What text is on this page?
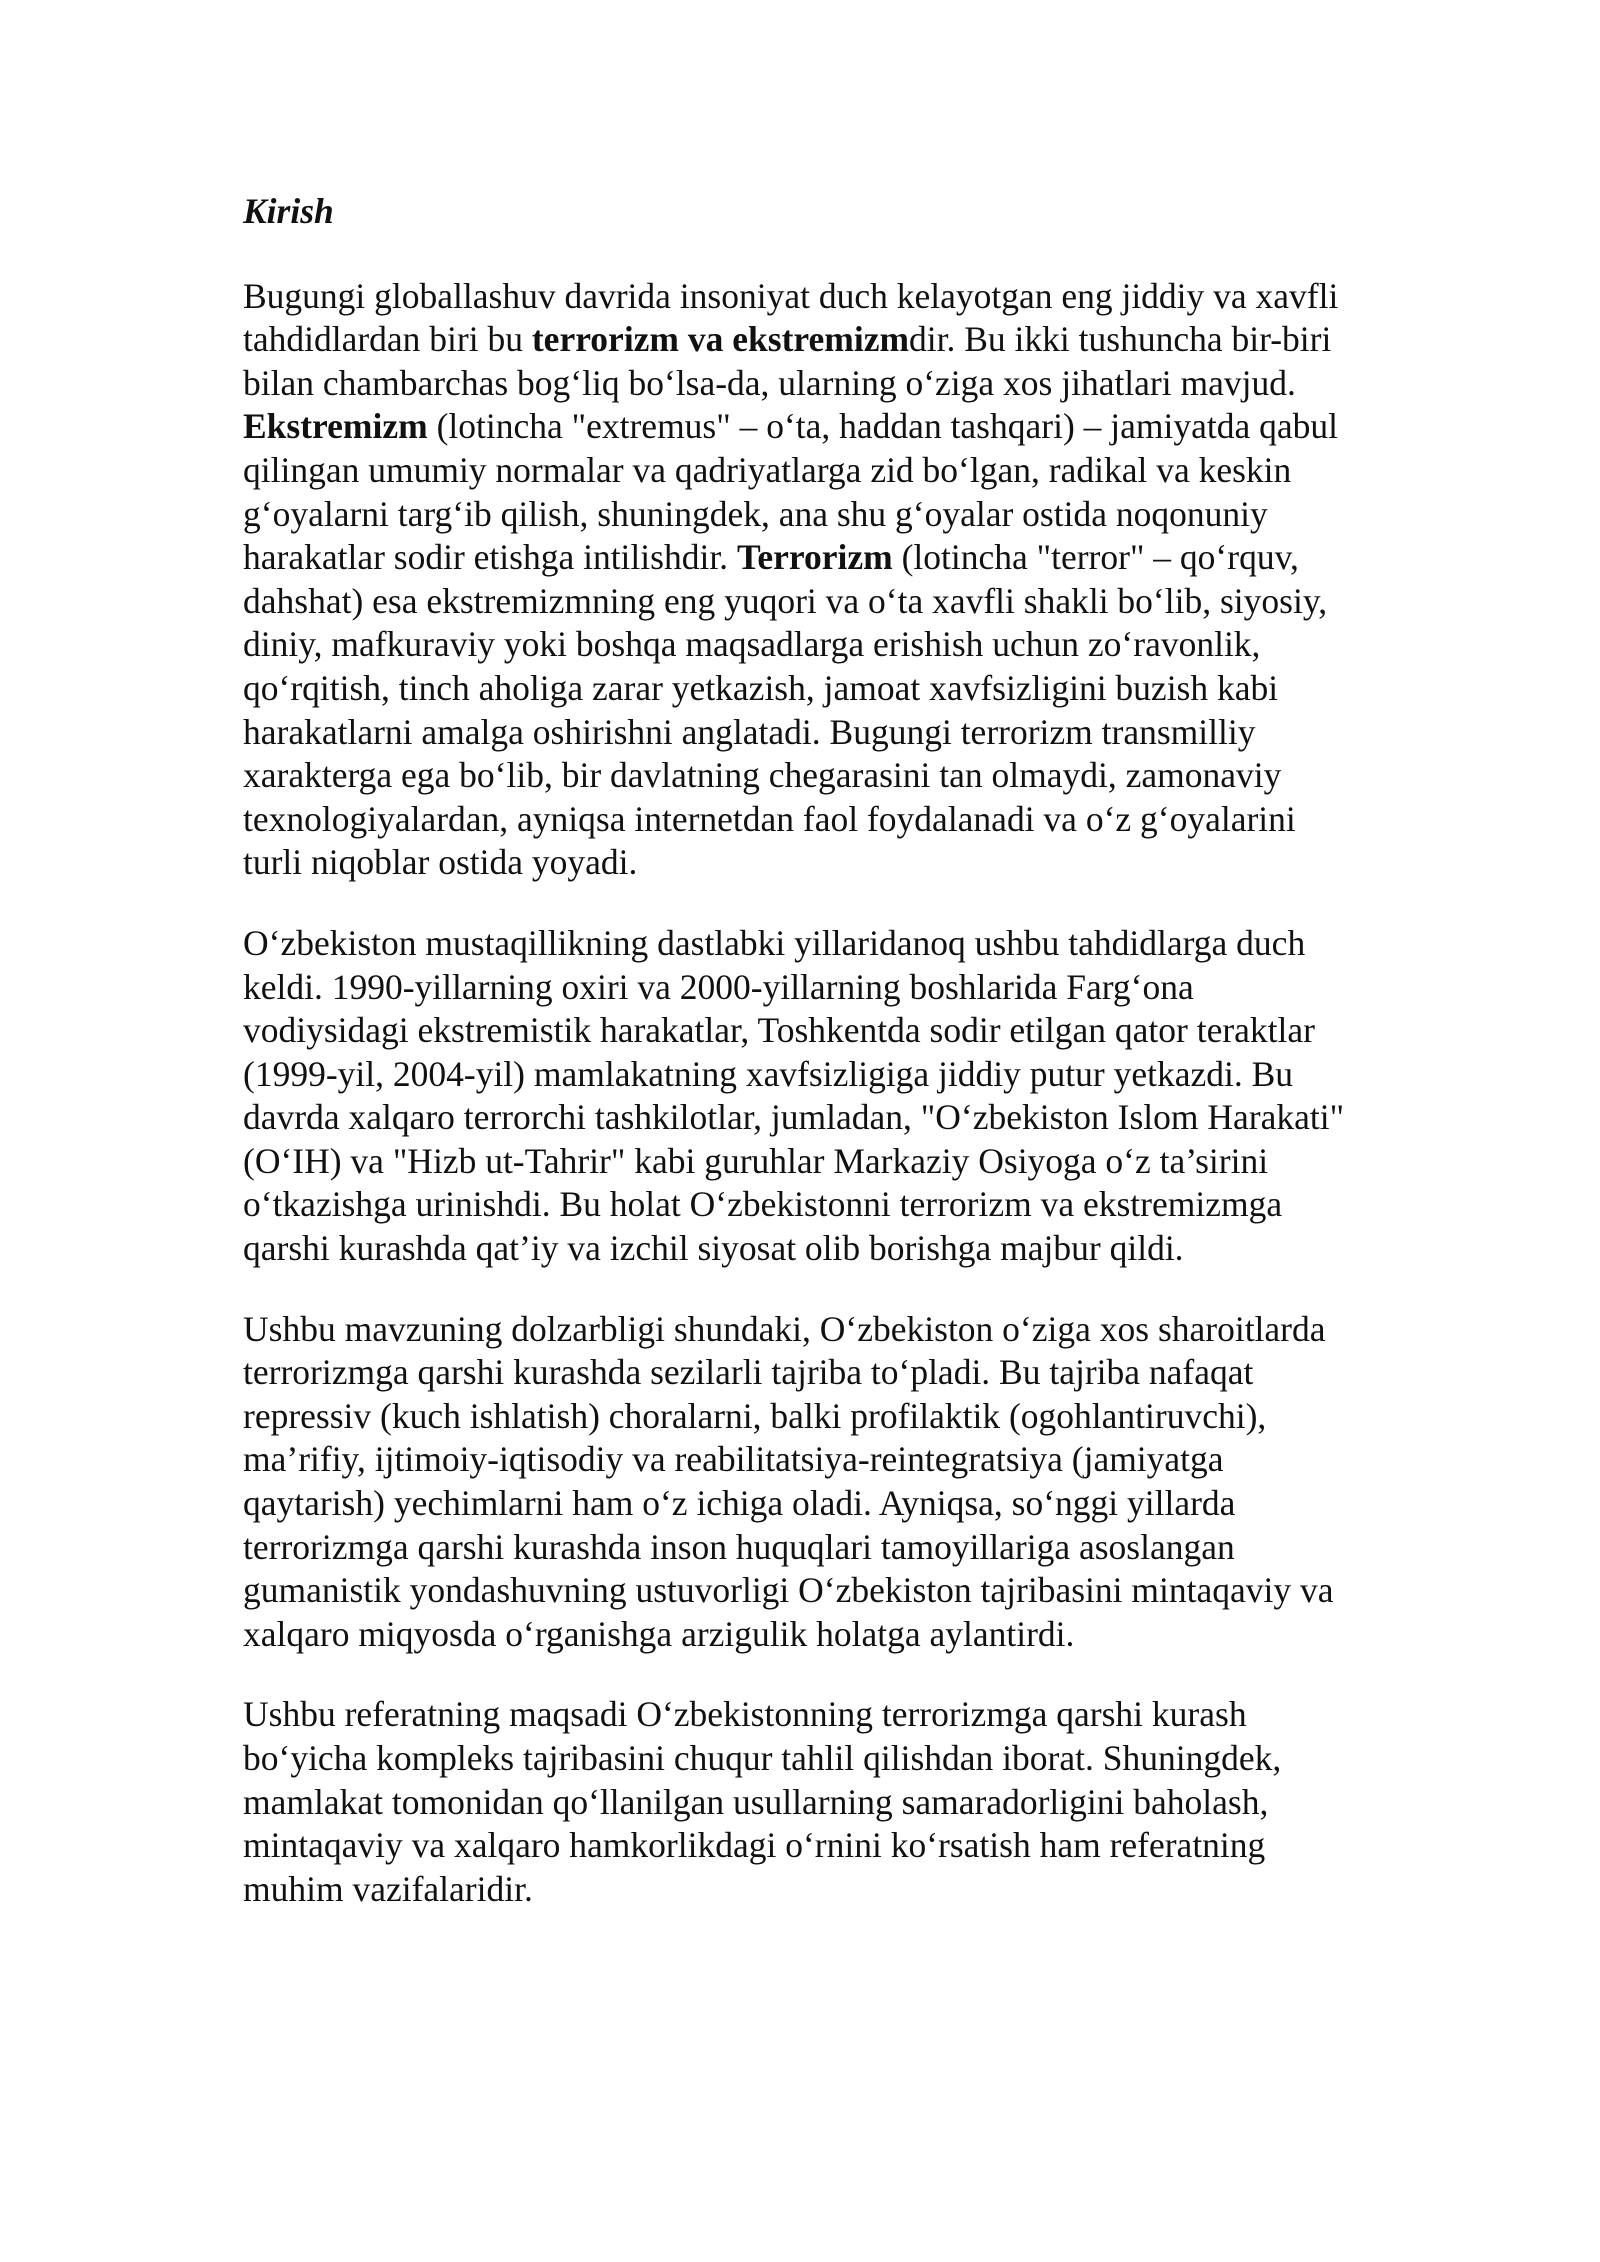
Kirish

Bugungi globallashuv davrida insoniyat duch kelayotgan eng jiddiy va xavfli tahdidlardan biri bu terrorizm va ekstremizmdir. Bu ikki tushuncha bir-biri bilan chambarchas bog‘liq bo‘lsa-da, ularning o‘ziga xos jihatlari mavjud. Ekstremizm (lotincha "extremus" – o‘ta, haddan tashqari) – jamiyatda qabul qilingan umumiy normalar va qadriyatlarga zid bo‘lgan, radikal va keskin g‘oyalarni targ‘ib qilish, shuningdek, ana shu g‘oyalar ostida noqonuniy harakatlar sodir etishga intilishdir. Terrorizm (lotincha "terror" – qo‘rquv, dahshat) esa ekstremizmning eng yuqori va o‘ta xavfli shakli bo‘lib, siyosiy, diniy, mafkuraviy yoki boshqa maqsadlarga erishish uchun zo‘ravonlik, qo‘rqitish, tinch aholiga zarar yetkazish, jamoat xavfsizligini buzish kabi harakatlarni amalga oshirishni anglatadi. Bugungi terrorizm transmilliy xarakterga ega bo‘lib, bir davlatning chegarasini tan olmaydi, zamonaviy texnologiyalardan, ayniqsa internetdan faol foydalanadi va o‘z g‘oyalarini turli niqoblar ostida yoyadi.

O‘zbekiston mustaqillikning dastlabki yillaridanoq ushbu tahdidlarga duch keldi. 1990-yillarning oxiri va 2000-yillarning boshlarida Farg‘ona vodiysidagi ekstremistik harakatlar, Toshkentda sodir etilgan qator teraktlar (1999-yil, 2004-yil) mamlakatning xavfsizligiga jiddiy putur yetkazdi. Bu davrda xalqaro terrorchi tashkilotlar, jumladan, "O‘zbekiston Islom Harakati" (O‘IH) va "Hizb ut-Tahrir" kabi guruhlar Markaziy Osiyoga o‘z ta’sirini o‘tkazishga urinishdi. Bu holat O‘zbekistonni terrorizm va ekstremizmga qarshi kurashda qat’iy va izchil siyosat olib borishga majbur qildi.

Ushbu mavzuning dolzarbligi shundaki, O‘zbekiston o‘ziga xos sharoitlarda terrorizmga qarshi kurashda sezilarli tajriba to‘pladi. Bu tajriba nafaqat repressiv (kuch ishlatish) choralarni, balki profilaktik (ogohlantiruvchi), ma’rifiy, ijtimoiy-iqtisodiy va reabilitatsiya-reintegratsiya (jamiyatga qaytarish) yechimlarni ham o‘z ichiga oladi. Ayniqsa, so‘nggi yillarda terrorizmga qarshi kurashda inson huquqlari tamoyillariga asoslangan gumanistik yondashuvning ustuvorligi O‘zbekiston tajribasini mintaqaviy va xalqaro miqyosda o‘rganishga arzigulik holatga aylantirdi.

Ushbu referatning maqsadi O‘zbekistonning terrorizmga qarshi kurash bo‘yicha kompleks tajribasini chuqur tahlil qilishdan iborat. Shuningdek, mamlakat tomonidan qo‘llanilgan usullarning samaradorligini baholash, mintaqaviy va xalqaro hamkorlikdagi o‘rnini ko‘rsatish ham referatning muhim vazifalaridir.
